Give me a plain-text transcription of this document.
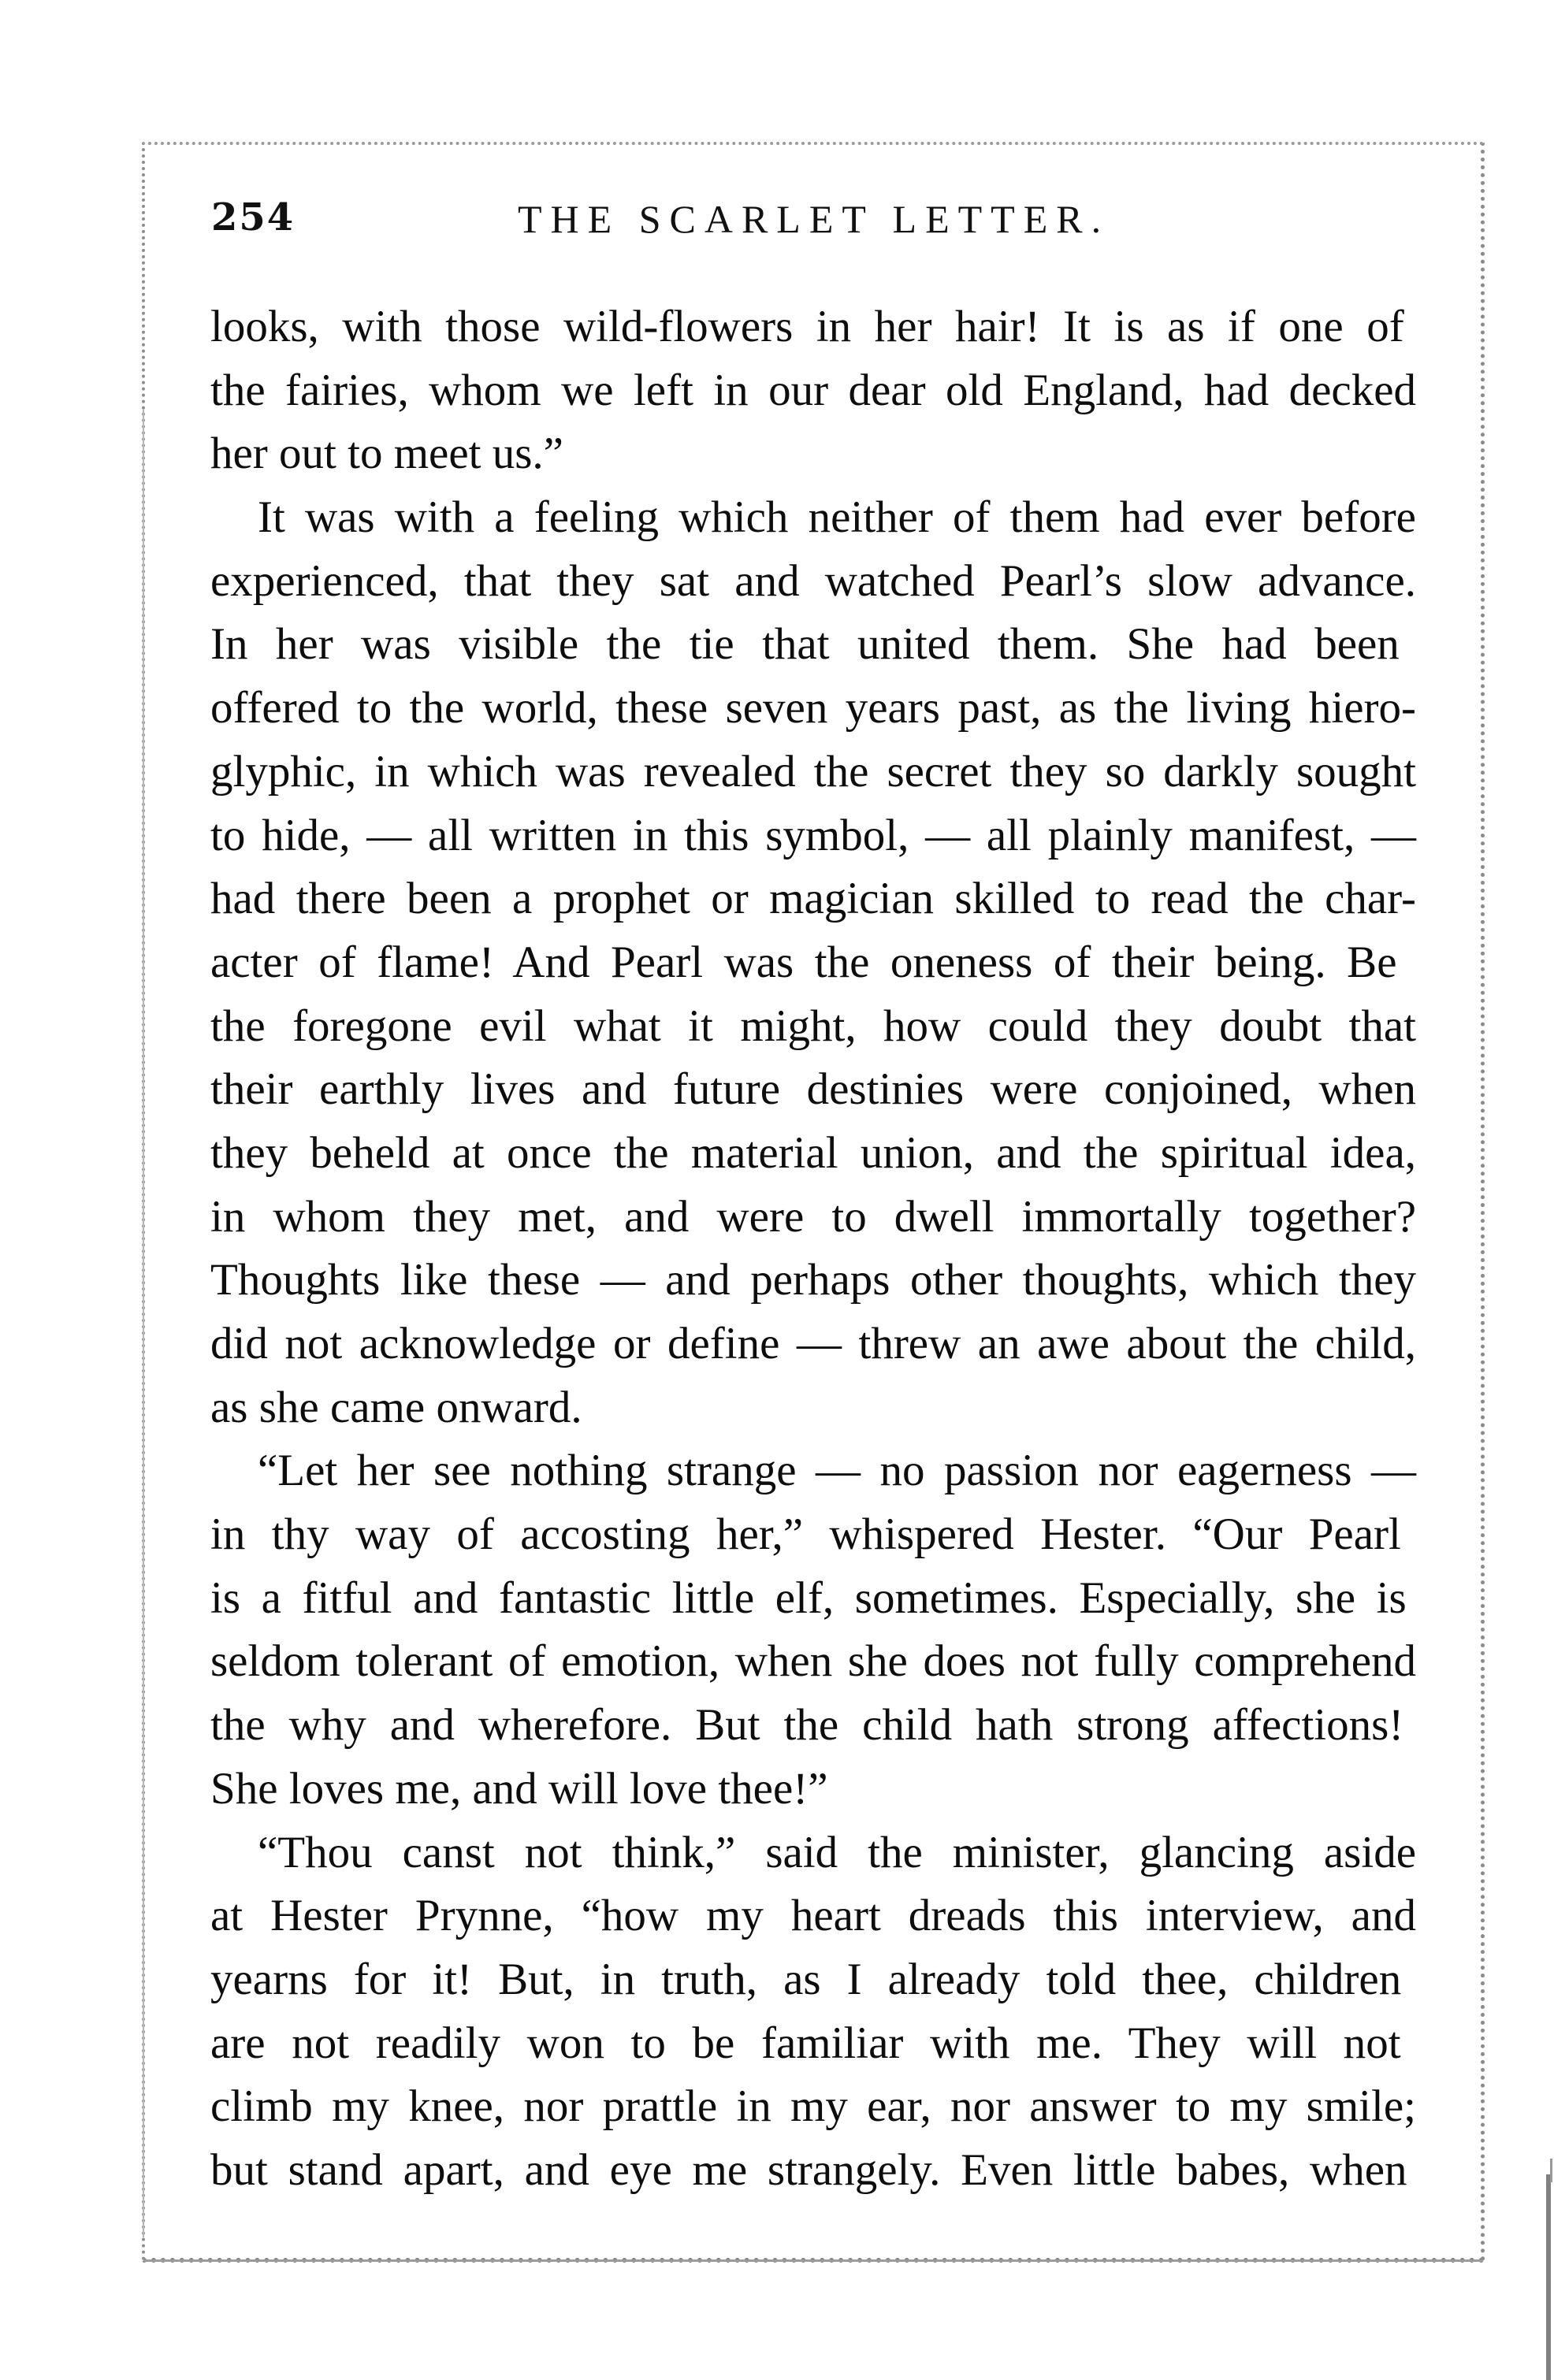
254	THE SCARLET LETTER.
looks, with those wild-flowers in her hair! It is as if one of
the fairies, whom we left in our dear old England, had decked
her out to meet us.”
It was with a feeling which neither of them had ever before
experienced, that they sat and watched Pearl’s slow advance.
In her was visible the tie that united them. She had been
offered to the world, these seven years past, as the living hiero-
glyphic, in which was revealed the secret they so darkly sought
to hide, — all written in this symbol, — all plainly manifest, —
had there been a prophet or magician skilled to read the char-
acter of flame! And Pearl was the oneness of their being. Be
the foregone evil what it might, how could they doubt that
their earthly lives and future destinies were conjoined, when
they beheld at once the material union, and the spiritual idea,
in whom they met, and were to dwell immortally together?
Thoughts like these — and perhaps other thoughts, which they
did not acknowledge or define — threw an awe about the child,
as she came onward.
“Let her see nothing strange — no passion nor eagerness —
in thy way of accosting her,” whispered Hester. “Our Pearl
is a fitful and fantastic little elf, sometimes. Especially, she is
seldom tolerant of emotion, when she does not fully comprehend
the why and wherefore. But the child hath strong affections!
She loves me, and will love thee!”
“Thou canst not think,” said the minister, glancing aside
at Hester Prynne, “how my heart dreads this interview, and
yearns for it! But, in truth, as I already told thee, children
are not readily won to be familiar with me. They will not
climb my knee, nor prattle in my ear, nor answer to my smile;
but stand apart, and eye me strangely. Even little babes, when
